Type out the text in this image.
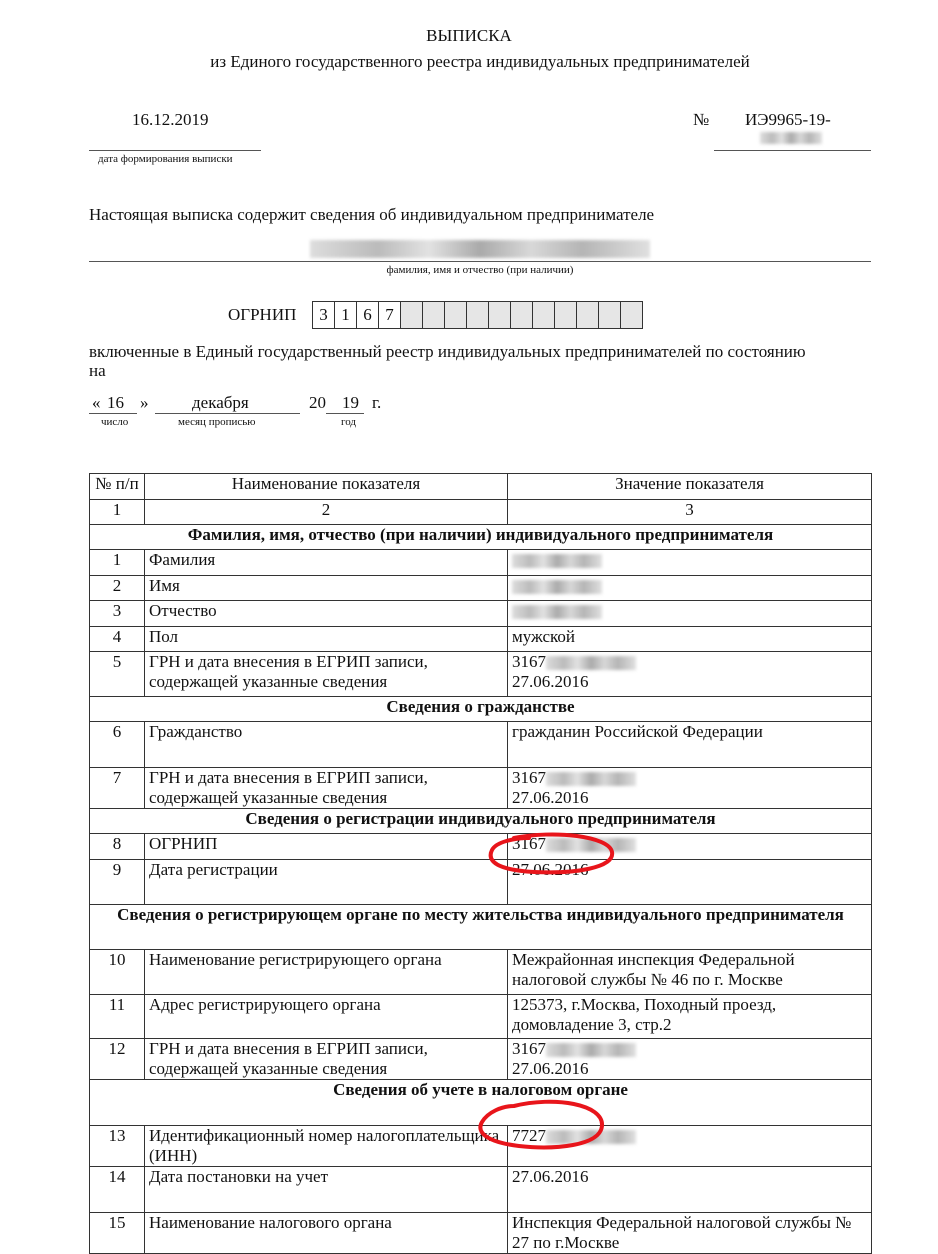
ВЫПИСКА
из Единого государственного реестра индивидуальных предпринимателей
16.12.2019
дата формирования выписки
№ ИЭ9965-19-
Настоящая выписка содержит сведения об индивидуальном предпринимателе
фамилия, имя и отчество (при наличии)
ОГРНИП	3 1 6 7
включенные в Единый государственный реестр индивидуальных предпринимателей по состоянию на
« 16 »	декабря	20 19 г.
число	месяц прописью	год
№ п/п	Наименование показателя	Значение показателя
1	2	3
Фамилия, имя, отчество (при наличии) индивидуального предпринимателя		
1	Фамилия	
2	Имя	
3	Отчество	
4	Пол	мужской
5	ГРН и дата внесения в ЕГРИП записи, содержащей указанные сведения	3167
27.06.2016
Сведения о гражданстве		
6	Гражданство	гражданин Российской Федерации
7	ГРН и дата внесения в ЕГРИП записи, содержащей указанные сведения	3167
27.06.2016
Сведения о регистрации индивидуального предпринимателя		
8	ОГРНИП	3167
9	Дата регистрации	27.06.2016
Сведения о регистрирующем органе по месту жительства индивидуального предпринимателя		
10	Наименование регистрирующего органа	Межрайонная инспекция Федеральной налоговой службы № 46 по г. Москве
11	Адрес регистрирующего органа	125373, г.Москва, Походный проезд, домовладение 3, стр.2
12	ГРН и дата внесения в ЕГРИП записи, содержащей указанные сведения	3167
27.06.2016
Сведения об учете в налоговом органе		
13	Идентификационный номер налогоплательщика (ИНН)	7727
14	Дата постановки на учет	27.06.2016
15	Наименование налогового органа	Инспекция Федеральной налоговой службы № 27 по г.Москве
